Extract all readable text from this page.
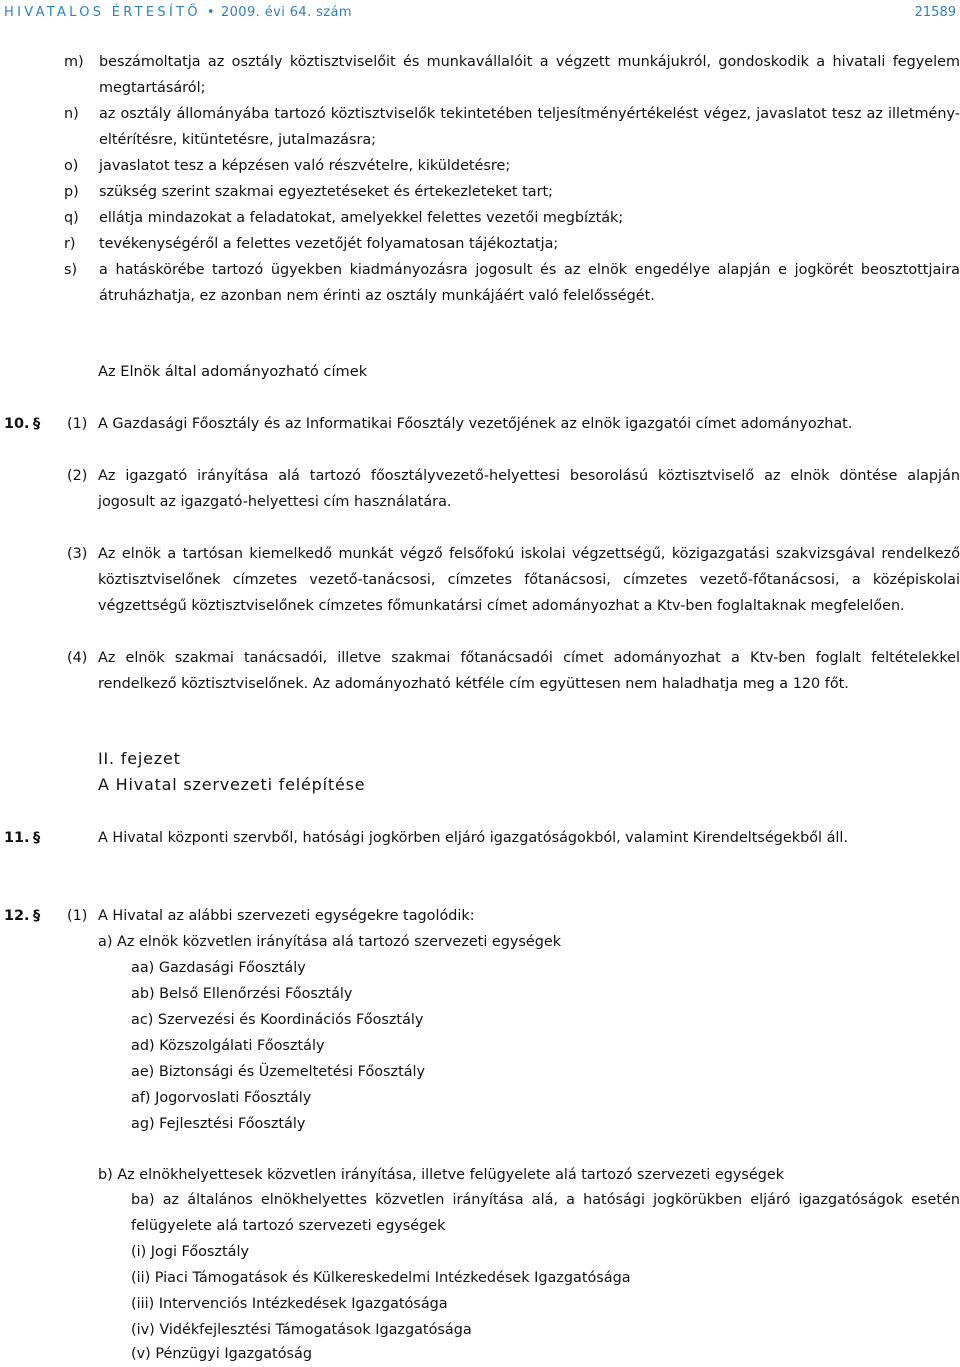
HIVATALOS ÉRTESÍTŐ • 2009. évi 64. szám	21589
m)	beszámoltatja az osztály köztisztviselőit és munkavállalóit a végzett munkájukról, gondoskodik a hivatali fegyelem megtartásáról;
n)	az osztály állományába tartozó köztisztviselők tekintetében teljesítményértékelést végez, javaslatot tesz az illetmény-eltérítésre, kitüntetésre, jutalmazásra;
o)	javaslatot tesz a képzésen való részvételre, kiküldetésre;
p)	szükség szerint szakmai egyeztetéseket és értekezleteket tart;
q)	ellátja mindazokat a feladatokat, amelyekkel felettes vezetői megbízták;
r)	tevékenységéről a felettes vezetőjét folyamatosan tájékoztatja;
s)	a hatáskörébe tartozó ügyekben kiadmányozásra jogosult és az elnök engedélye alapján e jogkörét beosztottjaira átruházhatja, ez azonban nem érinti az osztály munkájáért való felelősségét.
Az Elnök által adományozható címek
10. § (1) A Gazdasági Főosztály és az Informatikai Főosztály vezetőjének az elnök igazgatói címet adományozhat.
(2) Az igazgató irányítása alá tartozó főosztályvezető-helyettesi besorolású köztisztviselő az elnök döntése alapján jogosult az igazgató-helyettesi cím használatára.
(3) Az elnök a tartósan kiemelkedő munkát végző felsőfokú iskolai végzettségű, közigazgatási szakvizsgával rendelkező köztisztviselőnek címzetes vezető-tanácsosi, címzetes főtanácsosi, címzetes vezető-főtanácsosi, a középiskolai végzettségű köztisztviselőnek címzetes főmunkatársi címet adományozhat a Ktv-ben foglaltaknak megfelelően.
(4) Az elnök szakmai tanácsadói, illetve szakmai főtanácsadói címet adományozhat a Ktv-ben foglalt feltételekkel rendelkező köztisztviselőnek. Az adományozható kétféle cím együttesen nem haladhatja meg a 120 főt.
II. fejezet
A Hivatal szervezeti felépítése
11. §	A Hivatal központi szervből, hatósági jogkörben eljáró igazgatóságokból, valamint Kirendeltségekből áll.
12. § (1) A Hivatal az alábbi szervezeti egységekre tagolódik:
a) Az elnök közvetlen irányítása alá tartozó szervezeti egységek
aa) Gazdasági Főosztály
ab) Belső Ellenőrzési Főosztály
ac) Szervezési és Koordinációs Főosztály
ad) Közszolgálati Főosztály
ae) Biztonsági és Üzemeltetési Főosztály
af) Jogorvoslati Főosztály
ag) Fejlesztési Főosztály
b) Az elnökhelyettesek közvetlen irányítása, illetve felügyelete alá tartozó szervezeti egységek
ba) az általános elnökhelyettes közvetlen irányítása alá, a hatósági jogkörükben eljáró igazgatóságok esetén felügyelete alá tartozó szervezeti egységek
(i) Jogi Főosztály
(ii) Piaci Támogatások és Külkereskedelmi Intézkedések Igazgatósága
(iii) Intervenciós Intézkedések Igazgatósága
(iv) Vidékfejlesztési Támogatások Igazgatósága
(v) Pénzügyi Igazgatóság
